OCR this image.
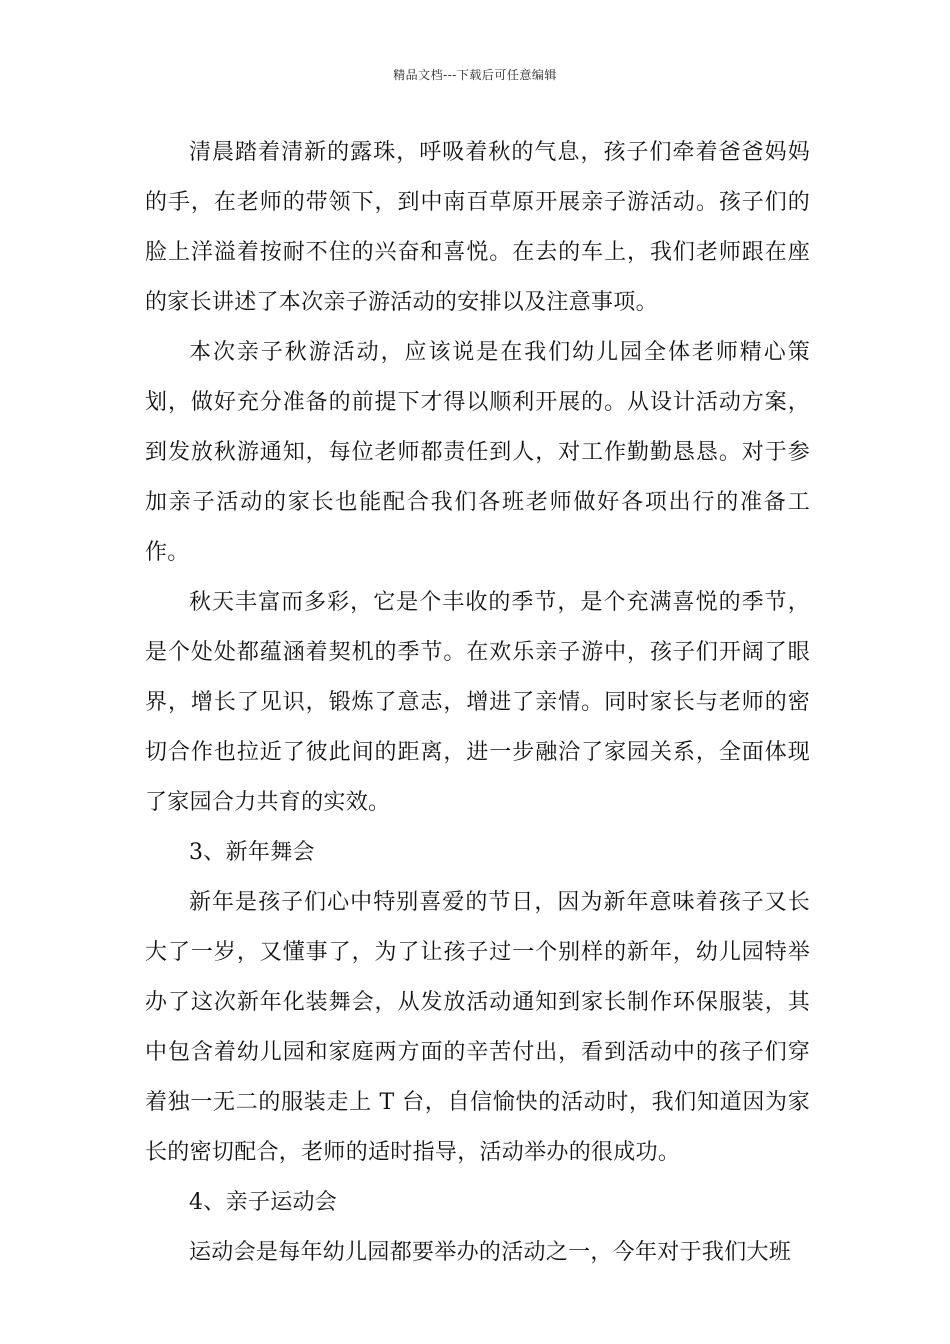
精品文档---下载后可任意编辑

清晨踏着清新的露珠，呼吸着秋的气息，孩子们牵着爸爸妈妈的手，在老师的带领下，到中南百草原开展亲子游活动。孩子们的脸上洋溢着按耐不住的兴奋和喜悦。在去的车上，我们老师跟在座的家长讲述了本次亲子游活动的安排以及注意事项。

本次亲子秋游活动，应该说是在我们幼儿园全体老师精心策划，做好充分准备的前提下才得以顺利开展的。从设计活动方案，到发放秋游通知，每位老师都责任到人，对工作勤勤恳恳。对于参加亲子活动的家长也能配合我们各班老师做好各项出行的准备工作。

秋天丰富而多彩，它是个丰收的季节，是个充满喜悦的季节，是个处处都蕴涵着契机的季节。在欢乐亲子游中，孩子们开阔了眼界，增长了见识，锻炼了意志，增进了亲情。同时家长与老师的密切合作也拉近了彼此间的距离，进一步融洽了家园关系，全面体现了家园合力共育的实效。

3、新年舞会

新年是孩子们心中特别喜爱的节日，因为新年意味着孩子又长大了一岁，又懂事了，为了让孩子过一个别样的新年，幼儿园特举办了这次新年化装舞会，从发放活动通知到家长制作环保服装，其中包含着幼儿园和家庭两方面的辛苦付出，看到活动中的孩子们穿着独一无二的服装走上 T 台，自信愉快的活动时，我们知道因为家长的密切配合，老师的适时指导，活动举办的很成功。

4、亲子运动会

运动会是每年幼儿园都要举办的活动之一，今年对于我们大班
